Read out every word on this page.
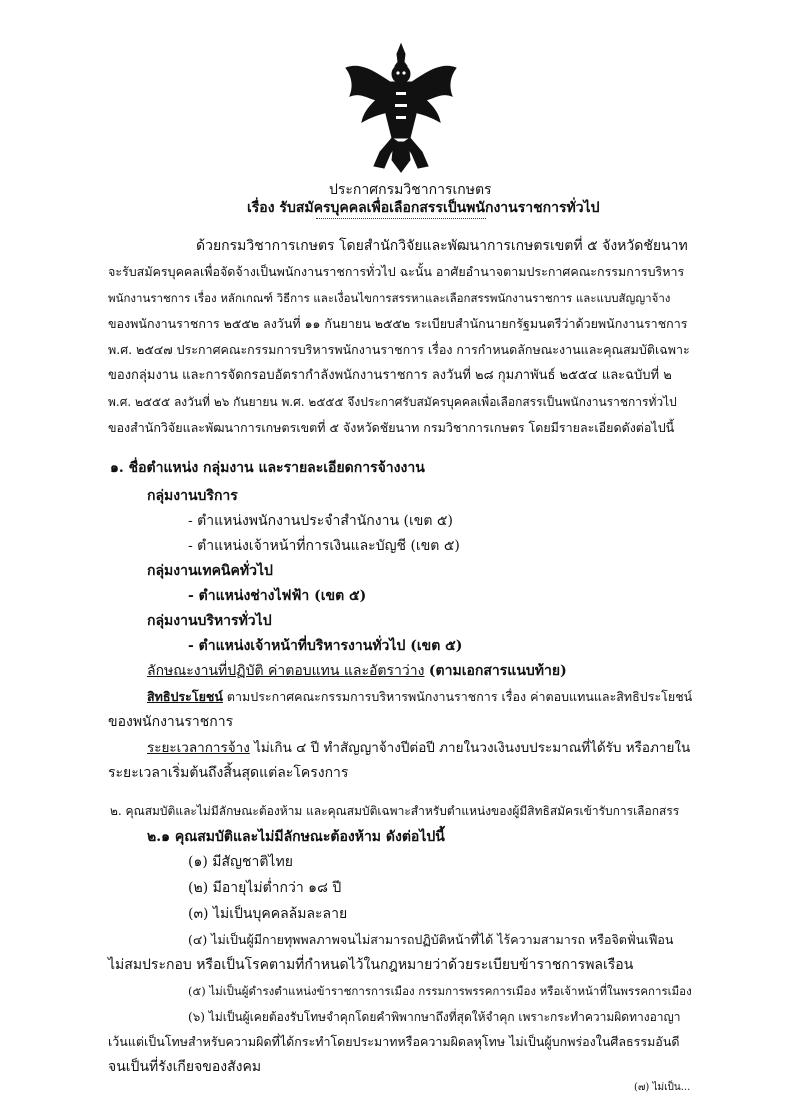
ประกาศกรมวิชาการเกษตร
เรื่อง รับสมัครบุคคลเพื่อเลือกสรรเป็นพนักงานราชการทั่วไป
ด้วยกรมวิชาการเกษตร โดยสำนักวิจัยและพัฒนาการเกษตรเขตที่ ๕ จังหวัดชัยนาท
จะรับสมัครบุคคลเพื่อจัดจ้างเป็นพนักงานราชการทั่วไป ฉะนั้น อาศัยอำนาจตามประกาศคณะกรรมการบริหาร
พนักงานราชการ เรื่อง หลักเกณฑ์ วิธีการ และเงื่อนไขการสรรหาและเลือกสรรพนักงานราชการ และแบบสัญญาจ้าง
ของพนักงานราชการ ๒๕๕๒ ลงวันที่ ๑๑ กันยายน ๒๕๕๒ ระเบียบสำนักนายกรัฐมนตรีว่าด้วยพนักงานราชการ
พ.ศ. ๒๕๔๗ ประกาศคณะกรรมการบริหารพนักงานราชการ เรื่อง การกำหนดลักษณะงานและคุณสมบัติเฉพาะ
ของกลุ่มงาน และการจัดกรอบอัตรากำลังพนักงานราชการ ลงวันที่ ๒๘ กุมภาพันธ์ ๒๕๕๔ และฉบับที่ ๒
พ.ศ. ๒๕๕๕ ลงวันที่ ๒๖ กันยายน พ.ศ. ๒๕๕๕ จึงประกาศรับสมัครบุคคลเพื่อเลือกสรรเป็นพนักงานราชการทั่วไป
ของสำนักวิจัยและพัฒนาการเกษตรเขตที่ ๕ จังหวัดชัยนาท กรมวิชาการเกษตร โดยมีรายละเอียดดังต่อไปนี้
๑. ชื่อตำแหน่ง กลุ่มงาน และรายละเอียดการจ้างงาน
กลุ่มงานบริการ
- ตำแหน่งพนักงานประจำสำนักงาน (เขต ๕)
- ตำแหน่งเจ้าหน้าที่การเงินและบัญชี (เขต ๕)
กลุ่มงานเทคนิคทั่วไป
- ตำแหน่งช่างไฟฟ้า (เขต ๕)
กลุ่มงานบริหารทั่วไป
- ตำแหน่งเจ้าหน้าที่บริหารงานทั่วไป (เขต ๕)
ลักษณะงานที่ปฏิบัติ ค่าตอบแทน และอัตราว่าง (ตามเอกสารแนบท้าย)
สิทธิประโยชน์ ตามประกาศคณะกรรมการบริหารพนักงานราชการ เรื่อง ค่าตอบแทนและสิทธิประโยชน์
ของพนักงานราชการ
ระยะเวลาการจ้าง ไม่เกิน ๔ ปี ทำสัญญาจ้างปีต่อปี ภายในวงเงินงบประมาณที่ได้รับ หรือภายใน
ระยะเวลาเริ่มต้นถึงสิ้นสุดแต่ละโครงการ
๒. คุณสมบัติและไม่มีลักษณะต้องห้าม และคุณสมบัติเฉพาะสำหรับตำแหน่งของผู้มีสิทธิสมัครเข้ารับการเลือกสรร
๒.๑ คุณสมบัติและไม่มีลักษณะต้องห้าม ดังต่อไปนี้
(๑) มีสัญชาติไทย
(๒) มีอายุไม่ต่ำกว่า ๑๘ ปี
(๓) ไม่เป็นบุคคลล้มละลาย
(๔) ไม่เป็นผู้มีกายทุพพลภาพจนไม่สามารถปฏิบัติหน้าที่ได้ ไร้ความสามารถ หรือจิตฟั่นเฟือน
ไม่สมประกอบ หรือเป็นโรคตามที่กำหนดไว้ในกฎหมายว่าด้วยระเบียบข้าราชการพลเรือน
(๕) ไม่เป็นผู้ดำรงตำแหน่งข้าราชการการเมือง กรรมการพรรคการเมือง หรือเจ้าหน้าที่ในพรรคการเมือง
(๖) ไม่เป็นผู้เคยต้องรับโทษจำคุกโดยคำพิพากษาถึงที่สุดให้จำคุก เพราะกระทำความผิดทางอาญา
เว้นแต่เป็นโทษสำหรับความผิดที่ได้กระทำโดยประมาทหรือความผิดลหุโทษ ไม่เป็นผู้บกพร่องในศีลธรรมอันดี
จนเป็นที่รังเกียจของสังคม
(๗) ไม่เป็น...
